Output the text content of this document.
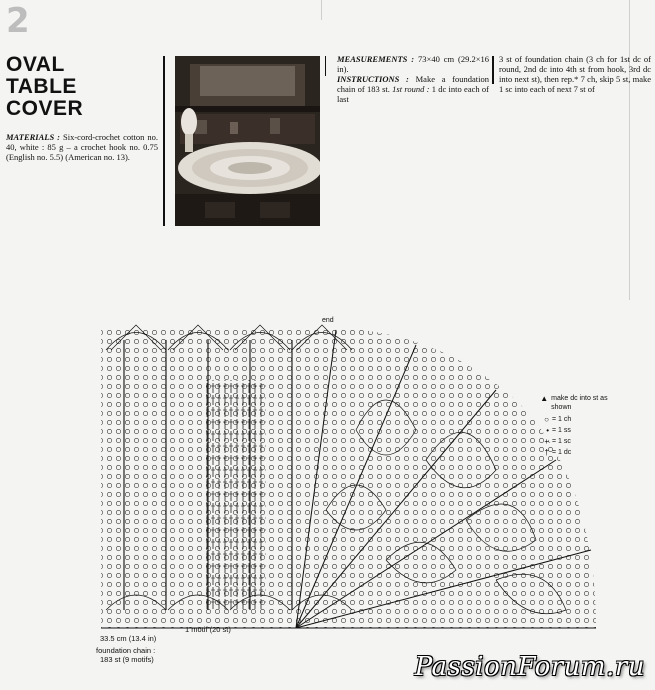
2
OVAL
TABLE
COVER
MATERIALS : Six-cord-crochet cotton no. 40, white : 85 g – a crochet hook no. 0.75 (English no. 5.5) (American no. 13).
MEASUREMENTS : 73×40 cm (29.2×16 in).
INSTRUCTIONS : Make a foundation chain of 183 st. 1st round : 1 dc into each of last
3 st of foundation chain (3 ch for 1st dc of round, 2nd dc into 4th st from hook, 3rd dc into next st), then rep.* 7 ch, skip 5 st, make 1 sc into each of next 7 st of
end
▲ make dc into st as shown
○ = 1 ch
• = 1 ss
+ = 1 sc
† = 1 dc
33.5 cm (13.4 in)
foundation chain :
183 st (9 motifs)
1 motif (20 st)
PassionForum.ru
